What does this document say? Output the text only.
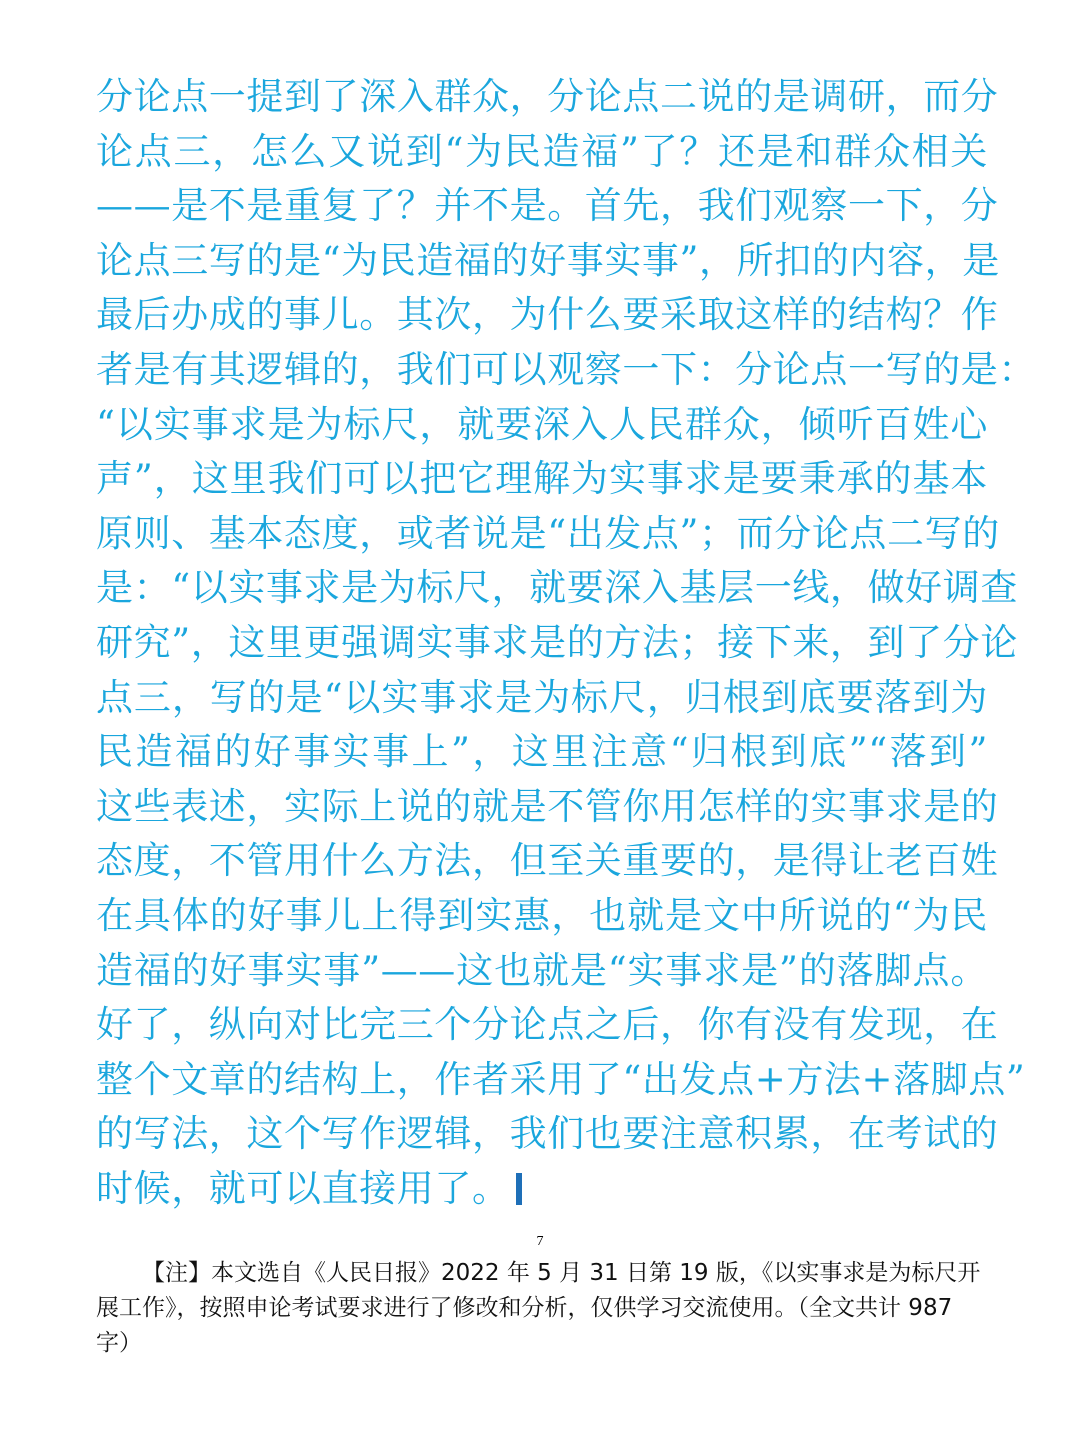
分论点一提到了深入群众，分论点二说的是调研，而分
论点三，怎么又说到“为民造福”了？还是和群众相关
——是不是重复了？并不是。首先，我们观察一下，分
论点三写的是“为民造福的好事实事”，所扣的内容，是
最后办成的事儿。其次，为什么要采取这样的结构？作
者是有其逻辑的，我们可以观察一下：分论点一写的是：
“以实事求是为标尺，就要深入人民群众，倾听百姓心
声”，这里我们可以把它理解为实事求是要秉承的基本
原则、基本态度，或者说是“出发点”；而分论点二写的
是：“以实事求是为标尺，就要深入基层一线，做好调查
研究”，这里更强调实事求是的方法；接下来，到了分论
点三，写的是“以实事求是为标尺，归根到底要落到为
民造福的好事实事上”，这里注意“归根到底”“落到”
这些表述，实际上说的就是不管你用怎样的实事求是的
态度，不管用什么方法，但至关重要的，是得让老百姓
在具体的好事儿上得到实惠，也就是文中所说的“为民
造福的好事实事”——这也就是“实事求是”的落脚点。
好了，纵向对比完三个分论点之后，你有没有发现，在
整个文章的结构上，作者采用了“出发点+方法+落脚点”
的写法，这个写作逻辑，我们也要注意积累，在考试的
时候，就可以直接用了。
7
【注】本文选自《人民日报》2022 年 5 月 31 日第 19 版，《以实事求是为标尺开
展工作》，按照申论考试要求进行了修改和分析，仅供学习交流使用。（全文共计 987
字）
